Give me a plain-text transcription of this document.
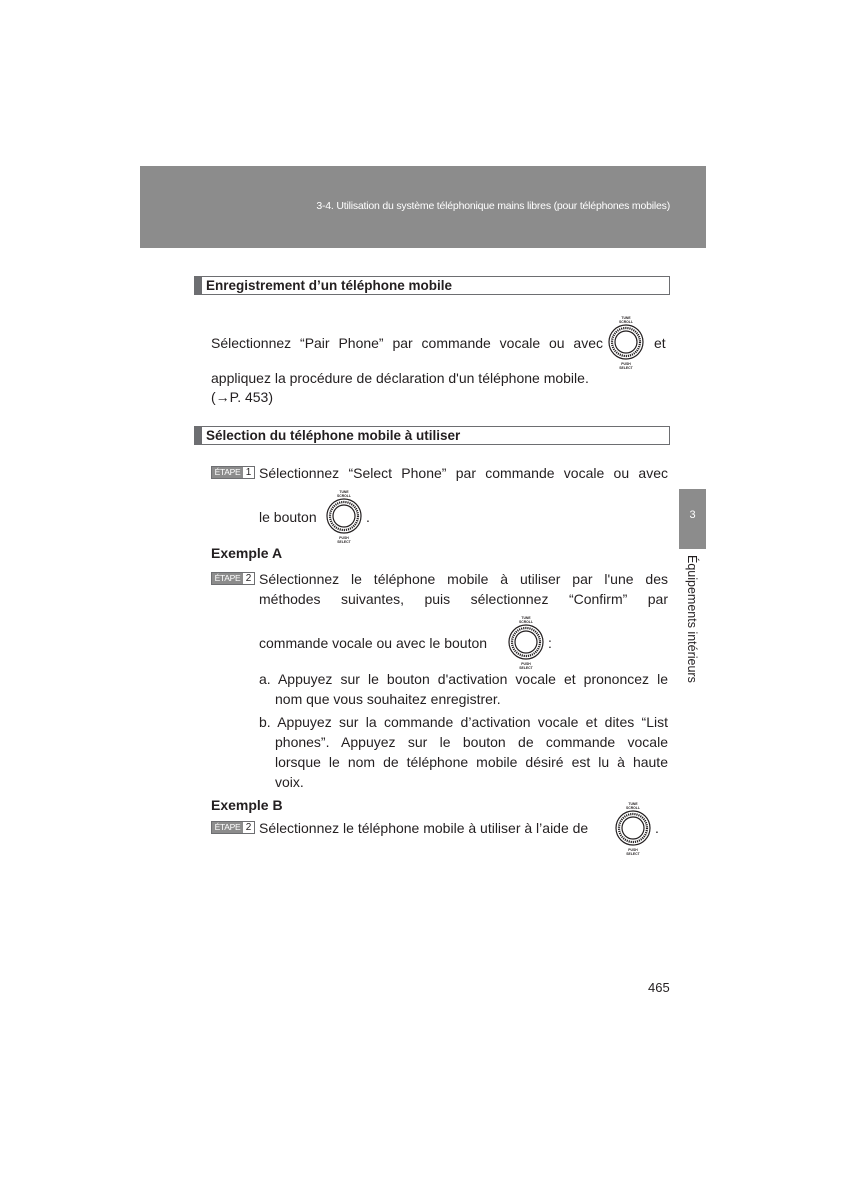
3-4. Utilisation du système téléphonique mains libres (pour téléphones mobiles)
3
Équipements intérieurs
Enregistrement d’un téléphone mobile
Sélectionnez “Pair Phone” par commande vocale ou avec	et
appliquez la procédure de déclaration d'un téléphone mobile.
(→P. 453)
Sélection du téléphone mobile à utiliser
ÉTAPE 1 Sélectionnez “Select Phone” par commande vocale ou avec
le bouton	.
Exemple A
ÉTAPE 2 Sélectionnez le téléphone mobile à utiliser par l'une des
méthodes suivantes, puis sélectionnez “Confirm” par
commande vocale ou avec le bouton	:
a. Appuyez sur le bouton d'activation vocale et prononcez le
nom que vous souhaitez enregistrer.
b. Appuyez sur la commande d’activation vocale et dites “List
phones”. Appuyez sur le bouton de commande vocale
lorsque le nom de téléphone mobile désiré est lu à haute
voix.
Exemple B
ÉTAPE 2 Sélectionnez le téléphone mobile à utiliser à l’aide de	.
TUNE
SCROLL
PUSH
SELECT
TUNE
SCROLL
PUSH
SELECT
TUNE
SCROLL
PUSH
SELECT
TUNE
SCROLL
PUSH
SELECT
465
